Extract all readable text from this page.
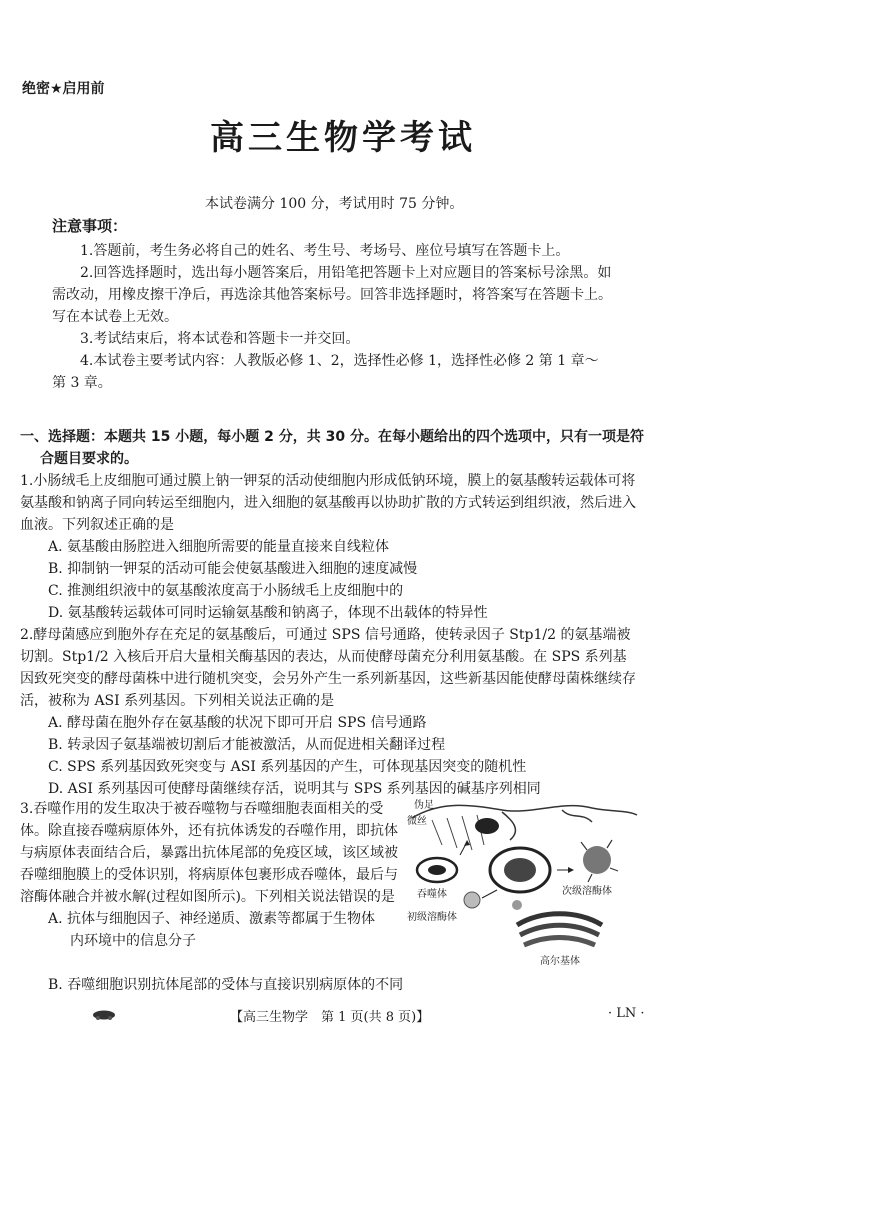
绝密★启用前
高三生物学考试
本试卷满分 100 分，考试用时 75 分钟。
注意事项：

1.答题前，考生务必将自己的姓名、考生号、考场号、座位号填写在答题卡上。

2.回答选择题时，选出每小题答案后，用铅笔把答题卡上对应题目的答案标号涂黑。如需改动，用橡皮擦干净后，再选涂其他答案标号。回答非选择题时，将答案写在答题卡上。写在本试卷上无效。

3.考试结束后，将本试卷和答题卡一并交回。

4.本试卷主要考试内容：人教版必修 1、2，选择性必修 1，选择性必修 2 第 1 章～第 3 章。

一、选择题：本题共 15 小题，每小题 2 分，共 30 分。在每小题给出的四个选项中，只有一项是符
合题目要求的。

1.小肠绒毛上皮细胞可通过膜上钠一钾泵的活动使细胞内形成低钠环境，膜上的氨基酸转运载体可将氨基酸和钠离子同向转运至细胞内，进入细胞的氨基酸再以协助扩散的方式转运到组织液，然后进入血液。下列叙述正确的是

A. 氨基酸由肠腔进入细胞所需要的能量直接来自线粒体

B. 抑制钠一钾泵的活动可能会使氨基酸进入细胞的速度减慢

C. 推测组织液中的氨基酸浓度高于小肠绒毛上皮细胞中的

D. 氨基酸转运载体可同时运输氨基酸和钠离子，体现不出载体的特异性

2.酵母菌感应到胞外存在充足的氨基酸后，可通过 SPS 信号通路，使转录因子 Stp1/2 的氨基端被切割。Stp1/2 入核后开启大量相关酶基因的表达，从而使酵母菌充分利用氨基酸。在 SPS 系列基因致死突变的酵母菌株中进行随机突变，会另外产生一系列新基因，这些新基因能使酵母菌株继续存活，被称为 ASI 系列基因。下列相关说法正确的是

A. 酵母菌在胞外存在氨基酸的状况下即可开启 SPS 信号通路

B. 转录因子氨基端被切割后才能被激活，从而促进相关翻译过程

C. SPS 系列基因致死突变与 ASI 系列基因的产生，可体现基因突变的随机性

D. ASI 系列基因可使酵母菌继续存活，说明其与 SPS 系列基因的碱基序列相同

3.吞噬作用的发生取决于被吞噬物与吞噬细胞表面相关的受体。除直接吞噬病原体外，还有抗体诱发的吞噬作用，即抗体与病原体表面结合后，暴露出抗体尾部的免疫区域，该区域被吞噬细胞膜上的受体识别，将病原体包裹形成吞噬体，最后与溶酶体融合并被水解(过程如图所示)。下列相关说法错误的是

A. 抗体与细胞因子、神经递质、激素等都属于生物体

内环境中的信息分子

B. 吞噬细胞识别抗体尾部的受体与直接识别病原体的不同

伪足
微丝
吞噬体	次级溶酶体
初级溶酶体
高尔基体
【高三生物学　第 1 页(共 8 页)】	· LN ·
